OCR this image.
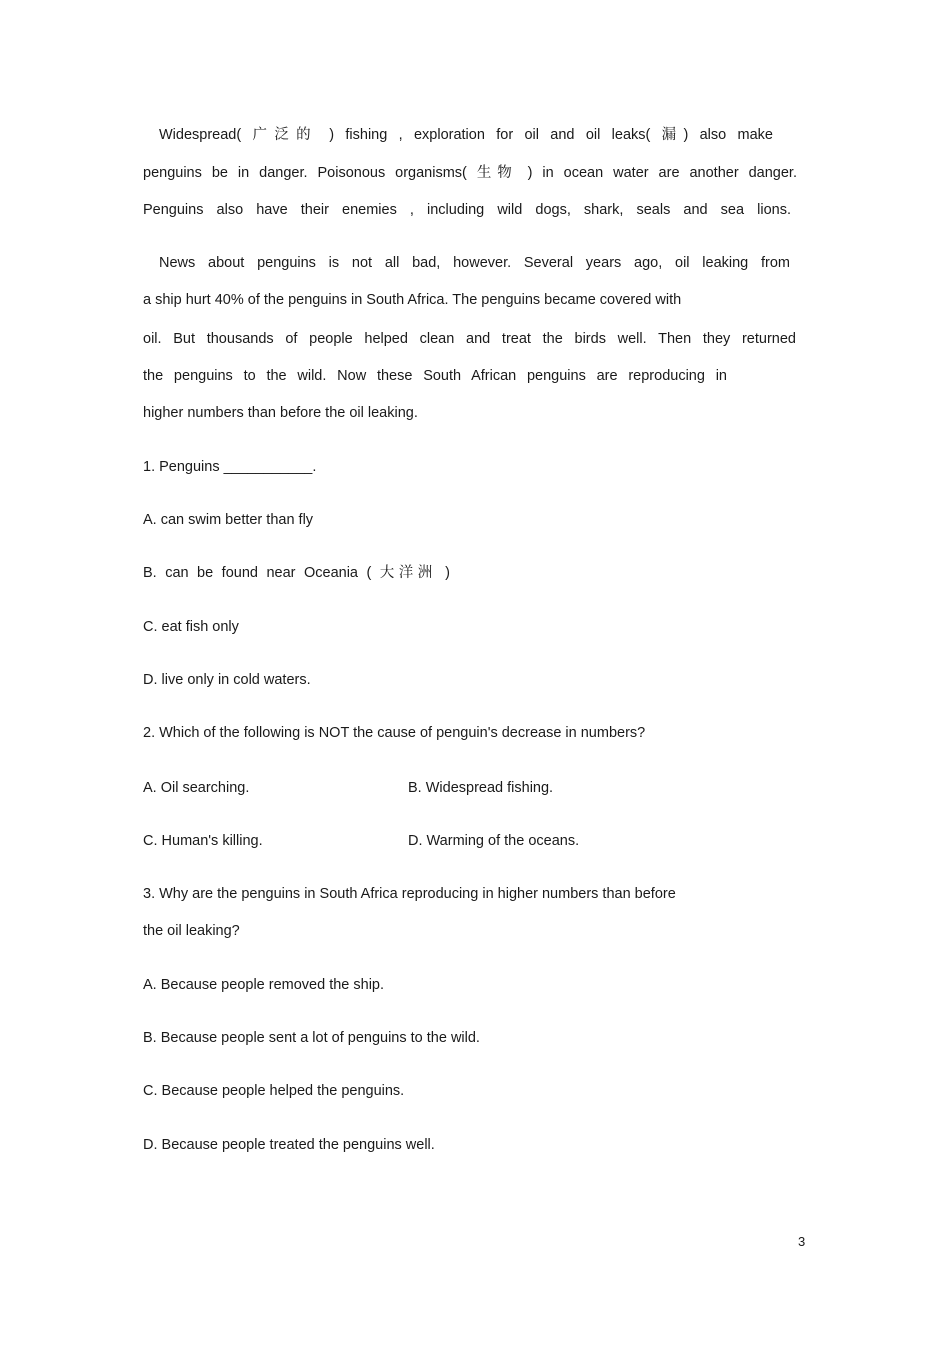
Widespread( 广泛的 ) fishing , exploration for oil and oil leaks( 漏) also make
penguins be in danger. Poisonous organisms( 生物 ) in ocean water are another danger.
Penguins also have their enemies , including wild dogs, shark, seals and sea lions.
News about penguins is not all bad, however. Several years ago, oil leaking from
a ship hurt 40% of the penguins in South Africa. The penguins became covered with
oil. But thousands of people helped clean and treat the birds well. Then they returned
the penguins to the wild. Now these South African penguins are reproducing in
higher numbers than before the oil leaking.
1. Penguins ___________.
A. can swim better than fly
B. can be found near Oceania ( 大洋洲 )
C. eat fish only
D. live only in cold waters.
2. Which of the following is NOT the cause of penguin's decrease in numbers?
A. Oil searching.	B. Widespread fishing.
C. Human's killing.	D. Warming of the oceans.
3. Why are the penguins in South Africa reproducing in higher numbers than before
the oil leaking?
A. Because people removed the ship.
B. Because people sent a lot of penguins to the wild.
C. Because people helped the penguins.
D. Because people treated the penguins well.
3
